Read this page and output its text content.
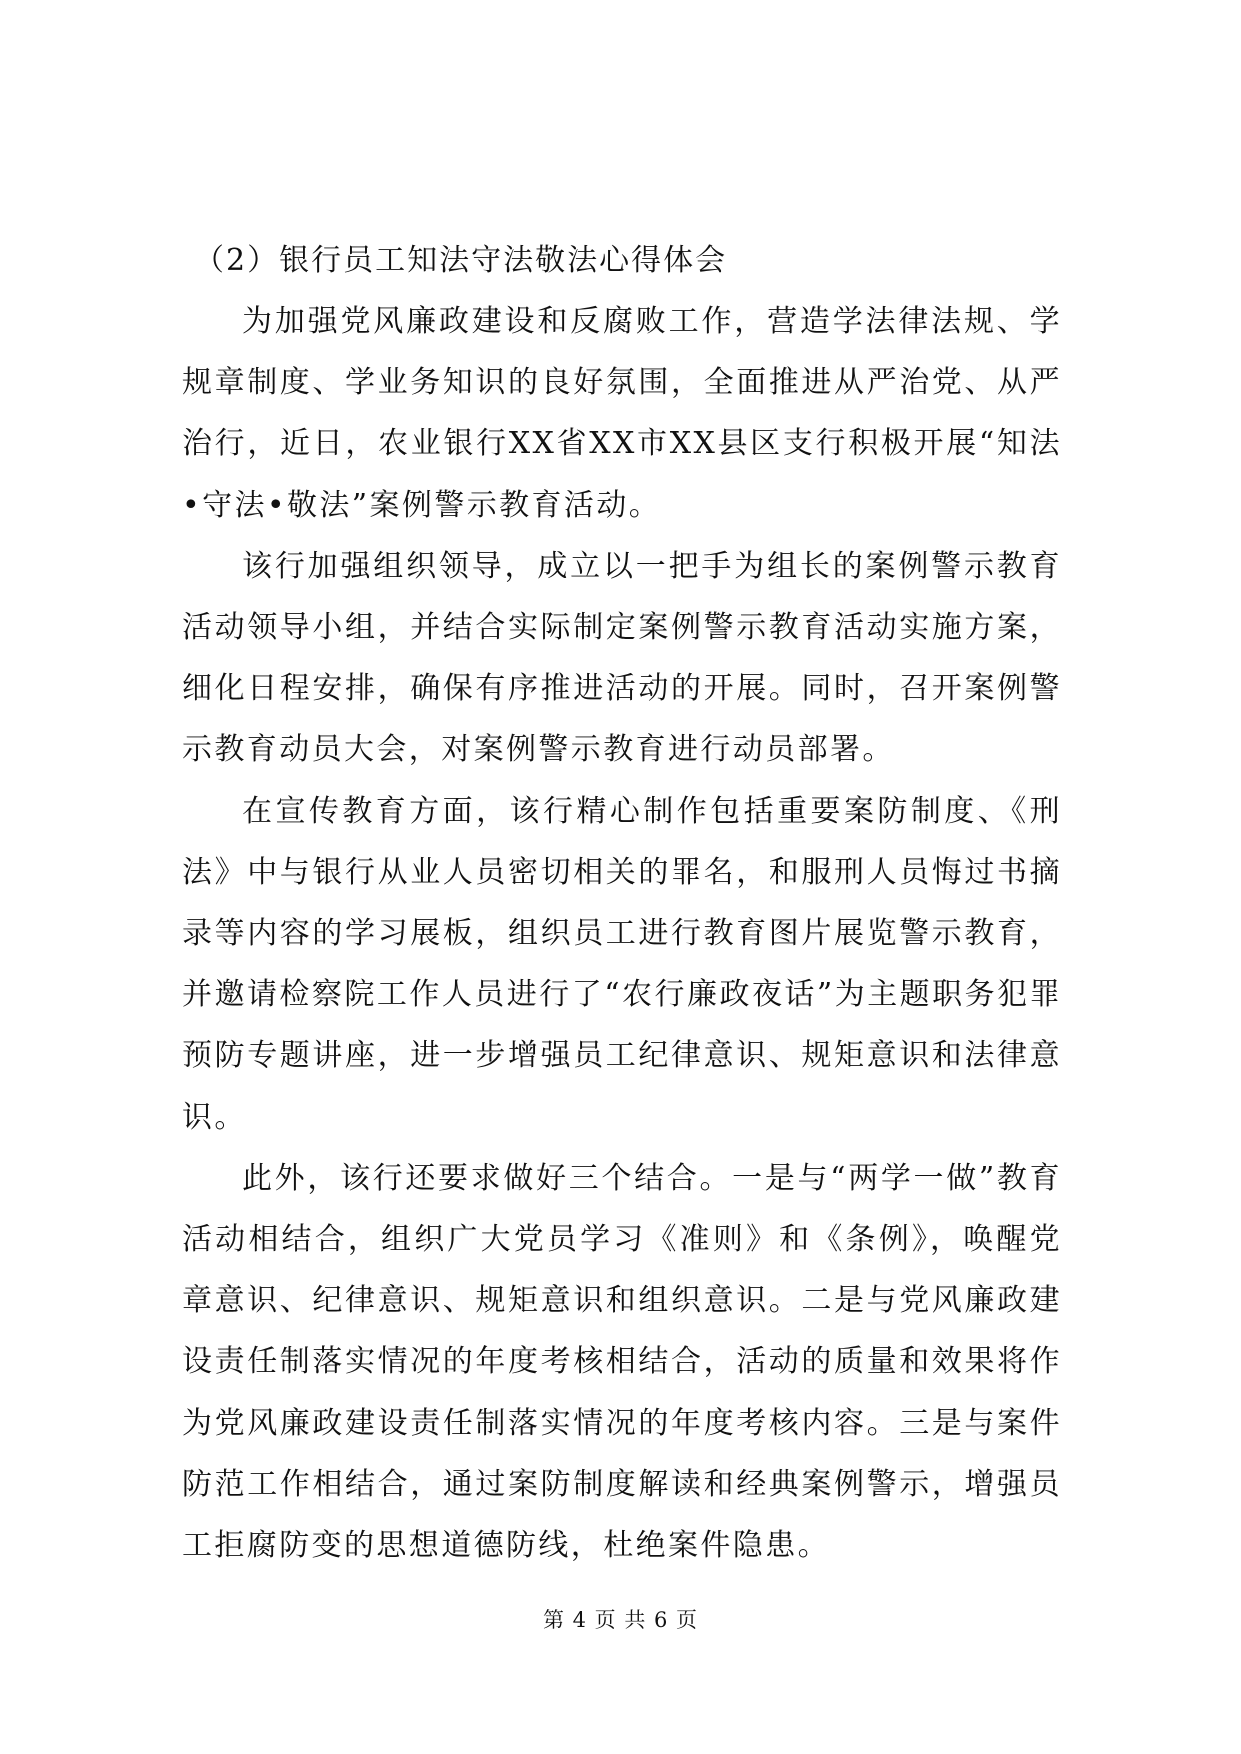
（2）银行员工知法守法敬法心得体会

为加强党风廉政建设和反腐败工作，营造学法律法规、学规章制度、学业务知识的良好氛围，全面推进从严治党、从严治行，近日，农业银行XX省XX市XX县区支行积极开展“知法•守法•敬法”案例警示教育活动。

该行加强组织领导，成立以一把手为组长的案例警示教育活动领导小组，并结合实际制定案例警示教育活动实施方案，细化日程安排，确保有序推进活动的开展。同时，召开案例警示教育动员大会，对案例警示教育进行动员部署。

在宣传教育方面，该行精心制作包括重要案防制度、《刑法》中与银行从业人员密切相关的罪名，和服刑人员悔过书摘录等内容的学习展板，组织员工进行教育图片展览警示教育，并邀请检察院工作人员进行了“农行廉政夜话”为主题职务犯罪预防专题讲座，进一步增强员工纪律意识、规矩意识和法律意识。

此外，该行还要求做好三个结合。一是与“两学一做”教育活动相结合，组织广大党员学习《准则》和《条例》，唤醒党章意识、纪律意识、规矩意识和组织意识。二是与党风廉政建设责任制落实情况的年度考核相结合，活动的质量和效果将作为党风廉政建设责任制落实情况的年度考核内容。三是与案件防范工作相结合，通过案防制度解读和经典案例警示，增强员工拒腐防变的思想道德防线，杜绝案件隐患。

第 4 页 共 6 页
